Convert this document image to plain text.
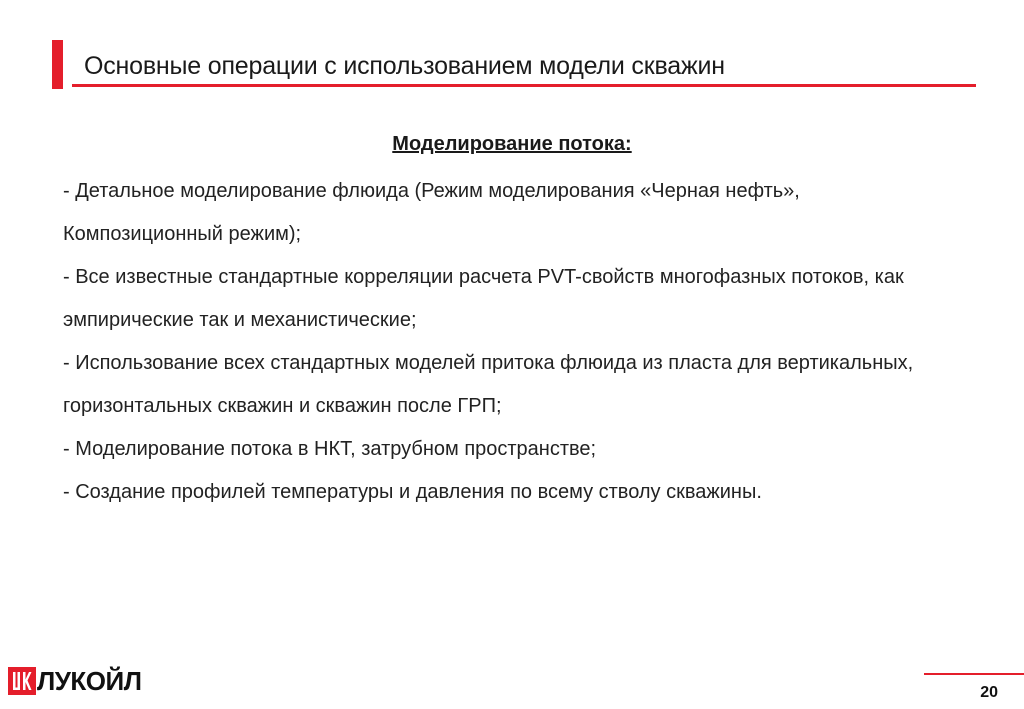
Основные операции с использованием модели скважин
Моделирование потока:
- Детальное моделирование флюида (Режим моделирования «Черная нефть», Композиционный режим);
- Все известные стандартные корреляции расчета PVT-свойств многофазных потоков, как эмпирические так и механистические;
- Использование всех стандартных моделей притока флюида из пласта для вертикальных, горизонтальных скважин и скважин после ГРП;
- Моделирование потока в НКТ, затрубном пространстве;
- Создание профилей температуры и давления по всему стволу скважины.
ЛУКОЙЛ	20
